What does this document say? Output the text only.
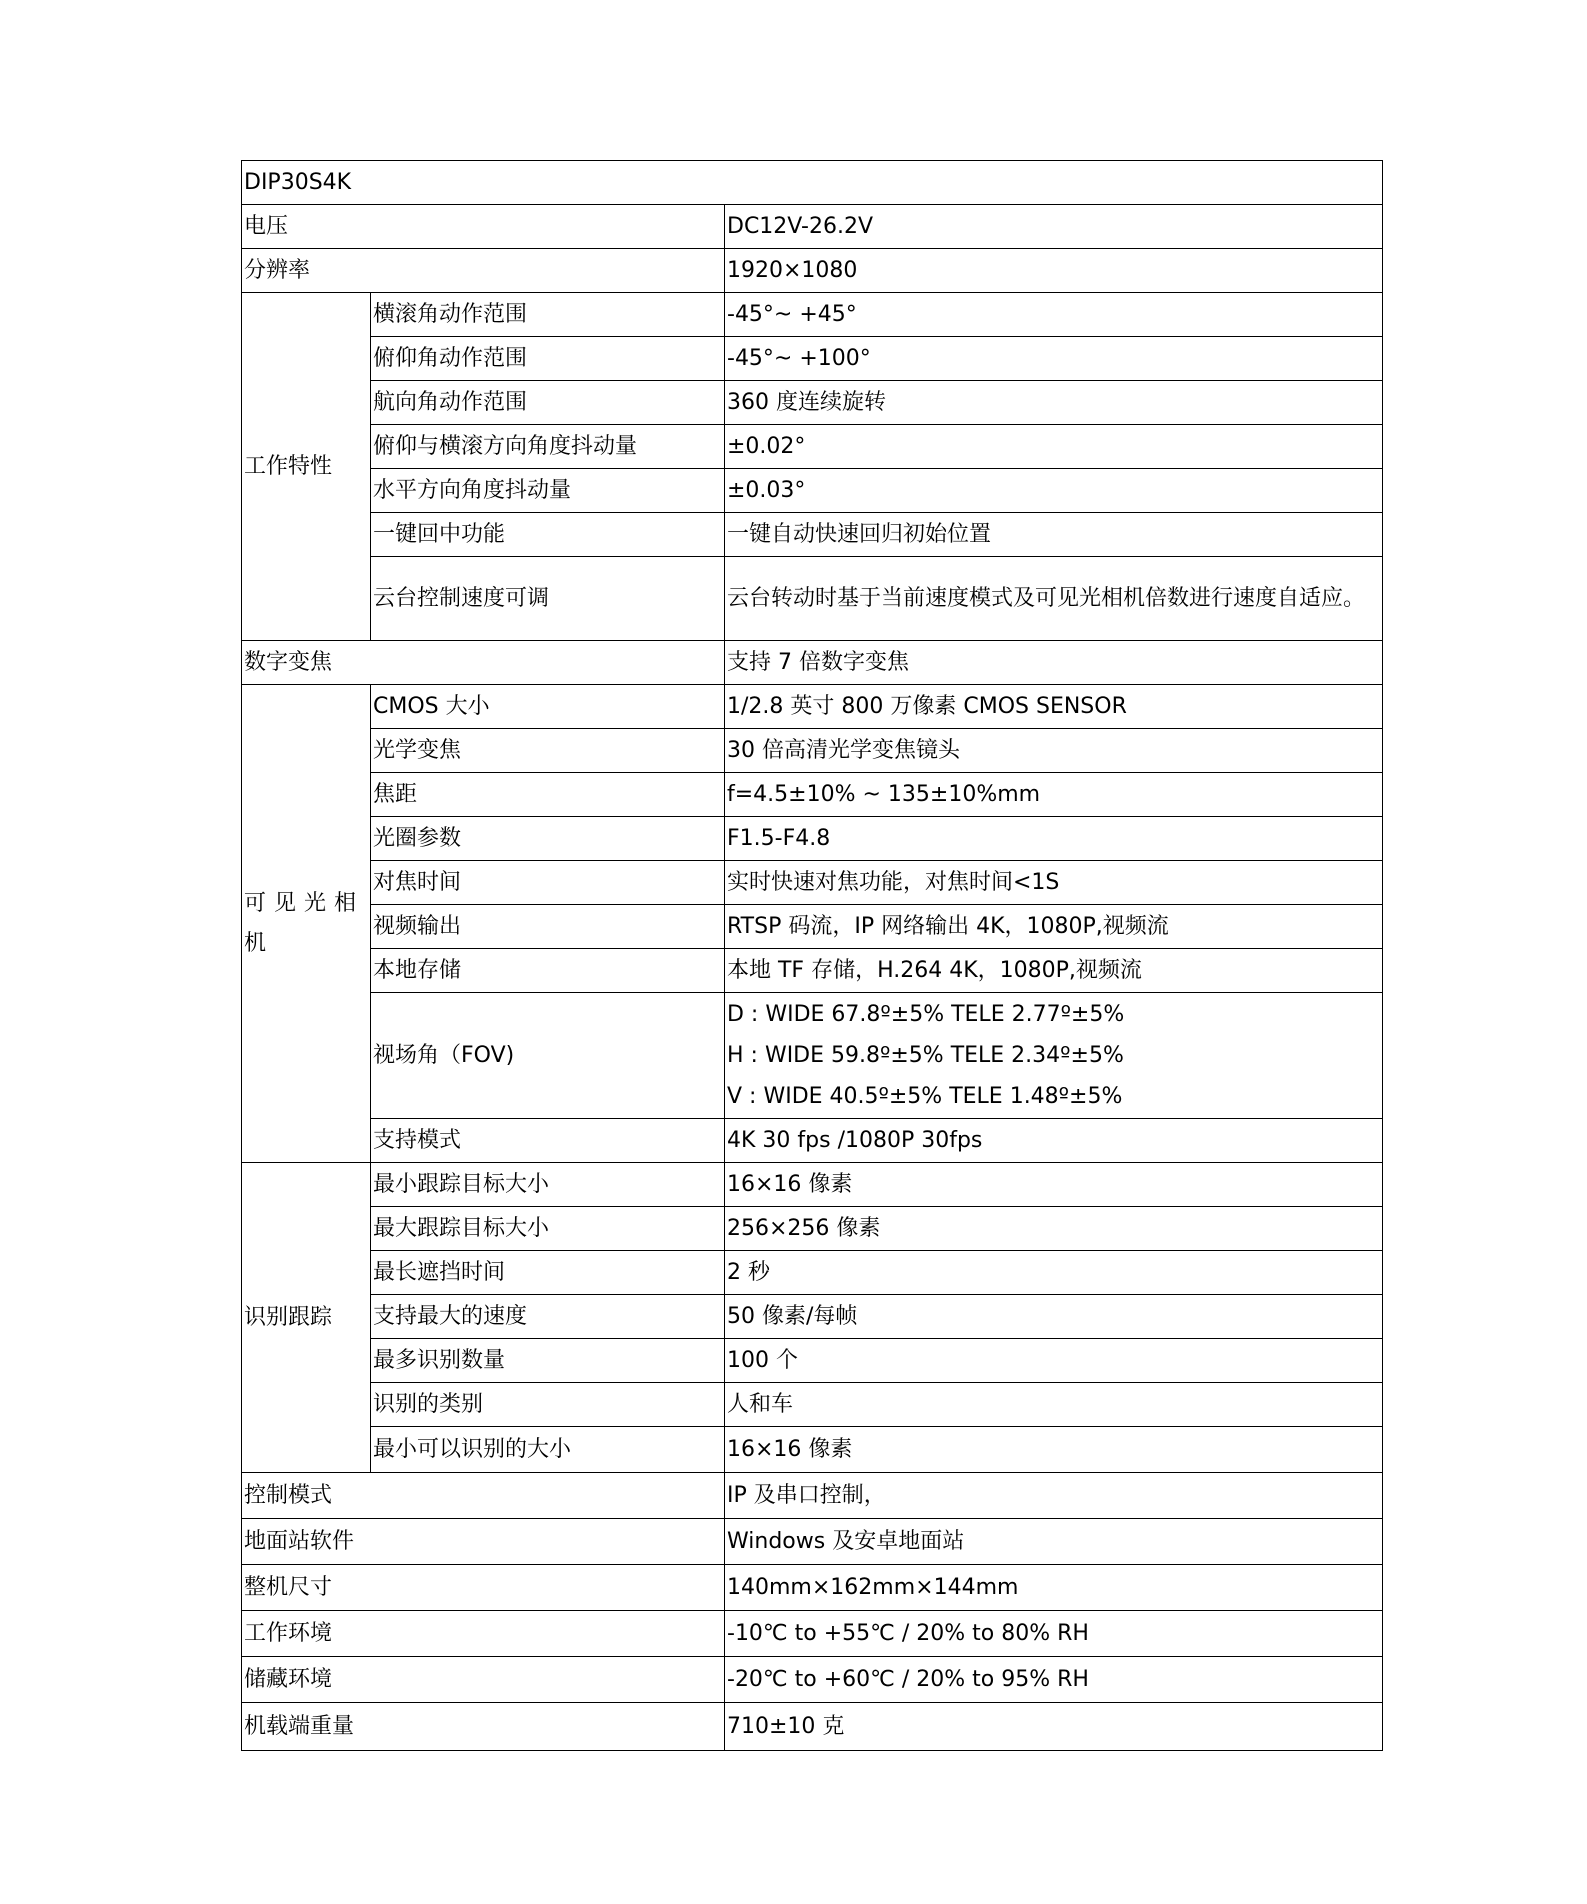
DIP30S4K		
电压		DC12V-26.2V
分辨率		1920×1080
工作特性	横滚角动作范围	-45°~ +45°
	俯仰角动作范围	-45°~ +100°
	航向角动作范围	360 度连续旋转
	俯仰与横滚方向角度抖动量	±0.02°
	水平方向角度抖动量	±0.03°
	一键回中功能	一键自动快速回归初始位置
	云台控制速度可调	云台转动时基于当前速度模式及可见光相机倍数进行速度自适应。
数字变焦		支持 7 倍数字变焦
可见光相机	CMOS 大小	1/2.8 英寸 800 万像素 CMOS SENSOR
	光学变焦	30 倍高清光学变焦镜头
	焦距	f=4.5±10% ~ 135±10%mm
	光圈参数	F1.5-F4.8
	对焦时间	实时快速对焦功能，对焦时间<1S
	视频输出	RTSP 码流，IP 网络输出 4K，1080P,视频流
	本地存储	本地 TF 存储，H.264 4K，1080P,视频流
	视场角（FOV)	D : WIDE 67.8º±5% TELE 2.77º±5%
H : WIDE 59.8º±5% TELE 2.34º±5%
V : WIDE 40.5º±5% TELE 1.48º±5%

	支持模式	4K 30 fps /1080P 30fps
识别跟踪	最小跟踪目标大小	16×16 像素
	最大跟踪目标大小	256×256 像素
	最长遮挡时间	2 秒
	支持最大的速度	50 像素/每帧
	最多识别数量	100 个
	识别的类别	人和车
	最小可以识别的大小	16×16 像素
控制模式		IP 及串口控制，
地面站软件		Windows 及安卓地面站
整机尺寸		140mm×162mm×144mm
工作环境		-10℃ to +55℃ / 20% to 80% RH
储藏环境		-20℃ to +60℃ / 20% to 95% RH
机载端重量		710±10 克
